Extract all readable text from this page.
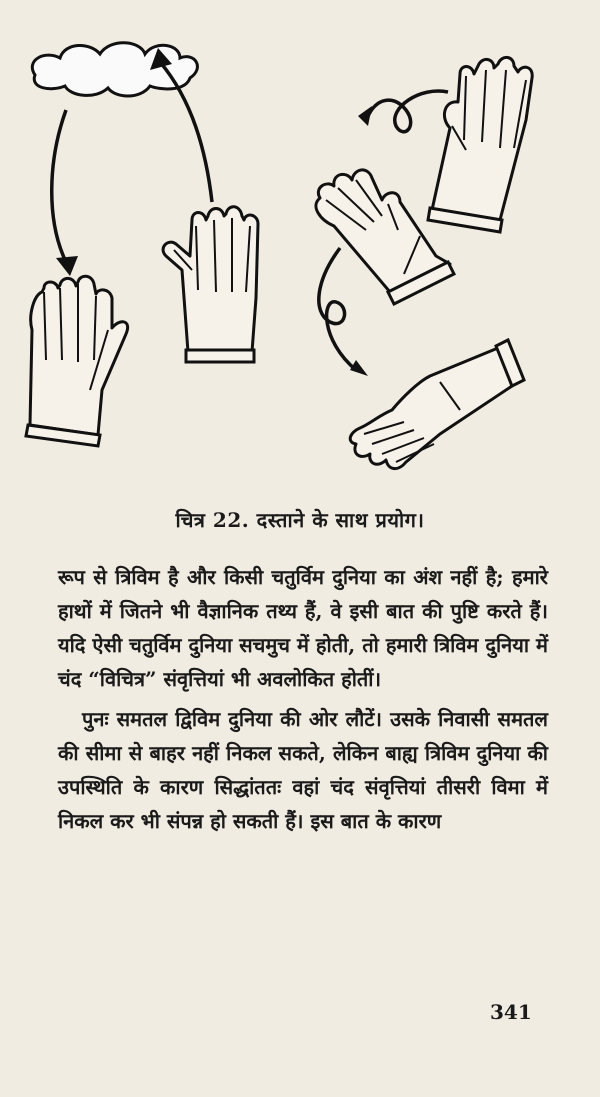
चित्र 22. दस्ताने के साथ प्रयोग।

रूप से त्रिविम है और किसी चतुर्विम दुनिया का अंश नहीं है; हमारे हाथों में जितने भी वैज्ञानिक तथ्य हैं, वे इसी बात की पुष्टि करते हैं। यदि ऐसी चतुर्विम दुनिया सचमुच में होती, तो हमारी त्रिविम दुनिया में चंद “विचित्र” संवृत्तियां भी अवलोकित होतीं।

पुनः समतल द्विविम दुनिया की ओर लौटें। उसके निवासी समतल की सीमा से बाहर नहीं निकल सकते, लेकिन बाह्य त्रिविम दुनिया की उपस्थिति के कारण सिद्धांततः वहां चंद संवृत्तियां तीसरी विमा में निकल कर भी संपन्न हो सकती हैं। इस बात के कारण

341
